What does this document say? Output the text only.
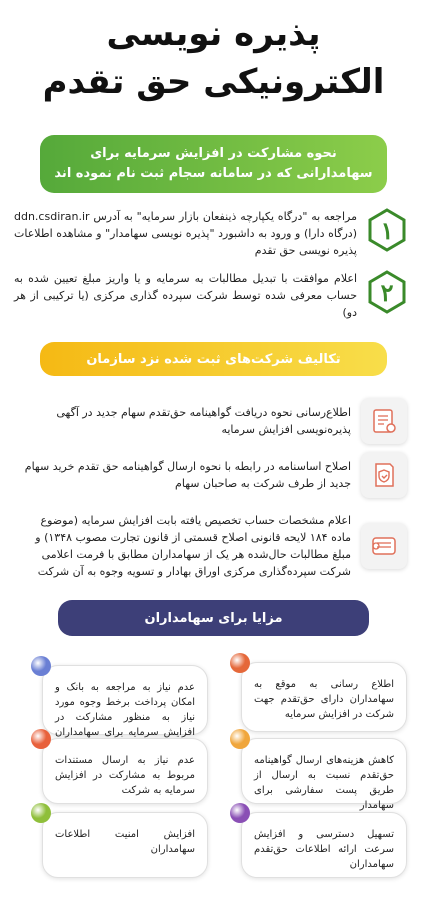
پذیره نویسی
الکترونیکی حق تقدم
نحوه مشارکت در افزایش سرمایه برای
سهامدارانی که در سامانه سجام ثبت نام نموده اند
۱
مراجعه به "درگاه یکپارچه ذینفعان بازار سرمایه" به آدرس ddn.csdiran.ir (درگاه دارا) و ورود به داشبورد "پذیره نویسی سهامدار" و مشاهده اطلاعات پذیره نویسی حق تقدم
۲
اعلام موافقت با تبدیل مطالبات به سرمایه و یا واریز مبلغ تعیین شده به حساب معرفی شده توسط شرکت سپرده گذاری مرکزی (یا ترکیبی از هر دو)
تکالیف شرکت‌های ثبت شده نزد سازمان
اطلاع‌رسانی نحوه دریافت گواهینامه حق‌تقدم سهام جدید در آگهی پذیره‌نویسی افزایش سرمایه
اصلاح اساسنامه در رابطه با نحوه ارسال گواهینامه حق تقدم خرید سهام جدید از طرف شرکت به صاحبان سهام
اعلام مشخصات حساب تخصیص یافته بابت افزایش سرمایه (موضوع ماده ۱۸۴ لایحه قانونی اصلاح قسمتی از قانون تجارت مصوب ۱۳۴۸) و مبلغ مطالبات حال‌شده هر یک از سهامداران مطابق با فرمت اعلامی شرکت سپرده‌گذاری مرکزی اوراق بهادار و تسویه وجوه به آن شرکت
مزایا برای سهامداران
اطلاع رسانی به موقع به سهامداران دارای حق‌تقدم جهت شرکت در افزایش سرمایه
عدم نیاز به مراجعه به بانک و امکان پرداخت برخط وجوه مورد نیاز به منظور مشارکت در افزایش سرمایه برای سهامداران
کاهش هزینه‌های ارسال گواهینامه حق‌تقدم نسبت به ارسال از طریق پست سفارشی برای سهامدار
عدم نیاز به ارسال مستندات مربوط به مشارکت در افزایش سرمایه به شرکت
تسهیل دسترسی و افزایش سرعت ارائه اطلاعات حق‌تقدم سهامداران
افزایش امنیت اطلاعات سهامداران
